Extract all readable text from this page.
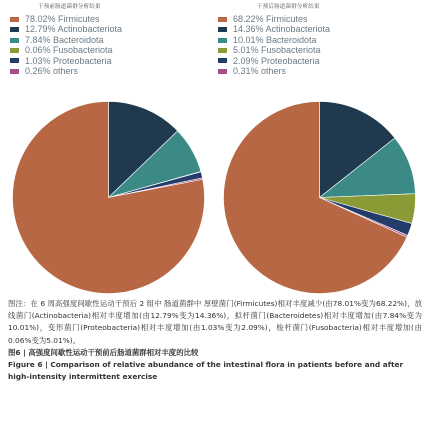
干预前肠道菌群分析结果
78.02% Firmicutes
12.79% Actinobacteriota
7.84% Bacteroidota
0.06% Fusobacteriota
1.03% Proteobacteria
0.26% others
干预后肠道菌群分析结果
68.22% Firmicutes
14.36% Actinobacteriota
10.01% Bacteroidota
5.01% Fusobacteriota
2.09% Proteobacteria
0.31% others
图注：在 6 周高强度间歇性运动干预后 2 组中 肠道菌群中 厚壁菌门(Firmicutes)相对丰度减少(由78.01%变为68.22%)，放线菌门(Actinobacteria)相对丰度增加(由12.79%变为14.36%)，拟杆菌门(Bacteroidetes)相对丰度增加(由7.84%变为10.01%)，变形菌门(Proteobacteria)相对丰度增加(由1.03%变为2.09%)，梭杆菌门(Fusobacteria)相对丰度增加(由0.06%变为5.01%)。
图6 | 高强度间歇性运动干预前后肠道菌群相对丰度的比较
Figure 6 | Comparison of relative abundance of the intestinal flora in patients before and after high-intensity intermittent exercise
